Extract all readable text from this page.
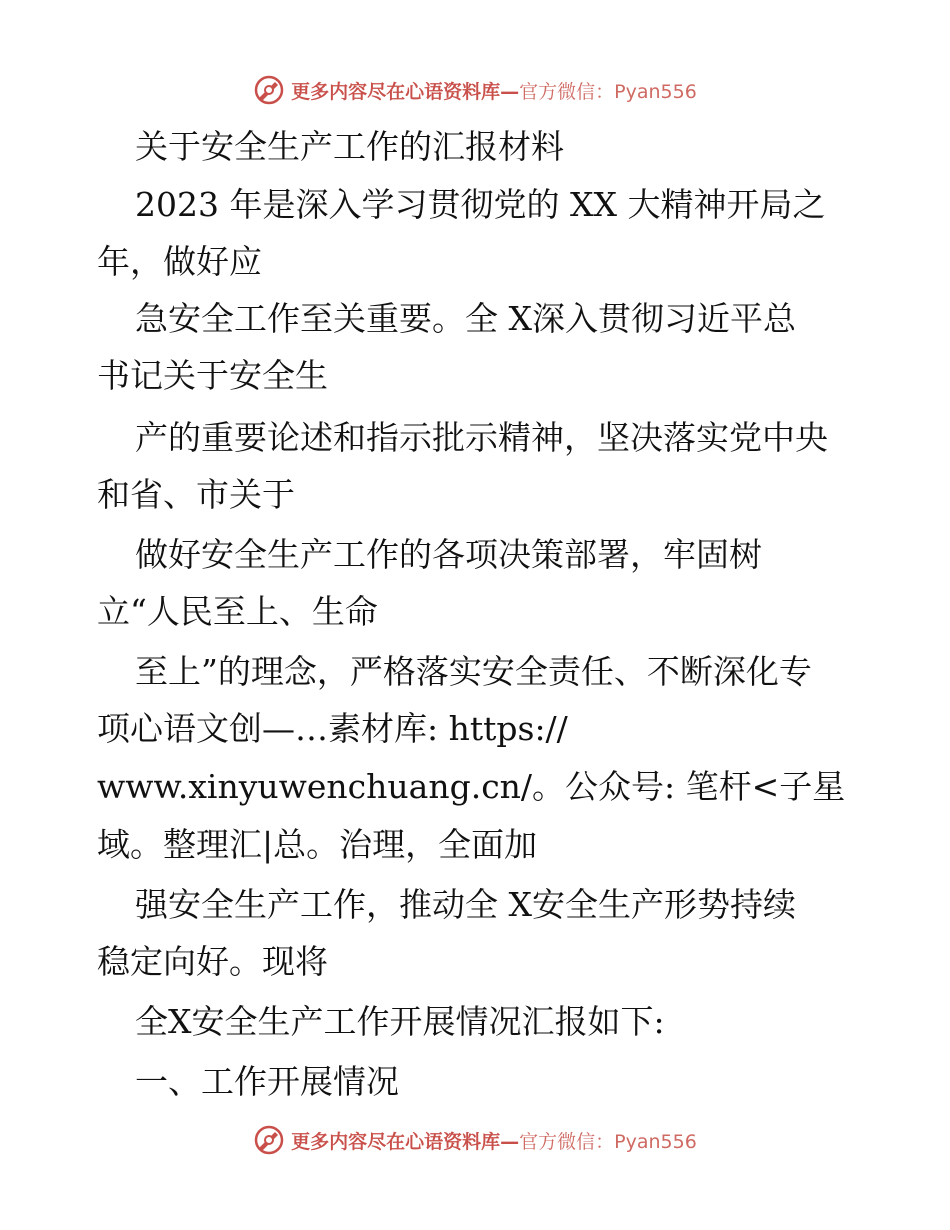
更多内容尽在心语资料库— 官方微信：Pyan556
关于安全生产工作的汇报材料
2023 年是深入学习贯彻党的 XX 大精神开局之
年，做好应
急安全工作至关重要。全 X深入贯彻习近平总
书记关于安全生
产的重要论述和指示批示精神，坚决落实党中央
和省、市关于
做好安全生产工作的各项决策部署，牢固树
立“人民至上、生命
至上”的理念，严格落实安全责任、不断深化专
项心语文创—…素材库: https://
www.xinyuwenchuang.cn/。公众号: 笔杆<子星
域。整理汇|总。治理，全面加
强安全生产工作，推动全 X安全生产形势持续
稳定向好。现将
全X安全生产工作开展情况汇报如下:
一、工作开展情况
更多内容尽在心语资料库— 官方微信：Pyan556
